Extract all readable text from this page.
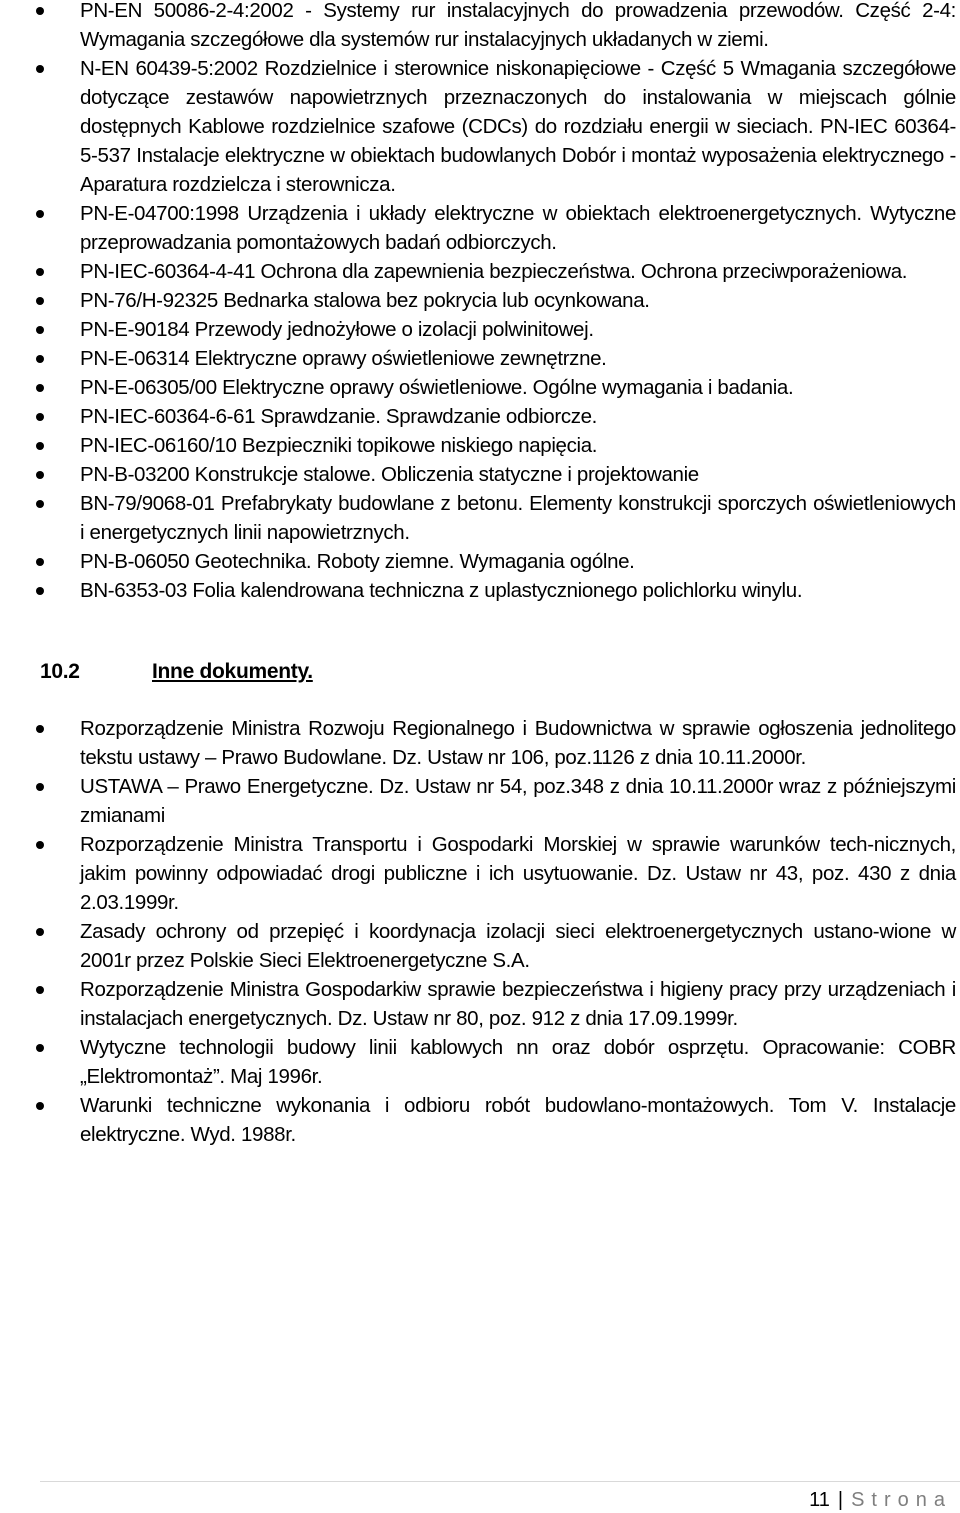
PN-EN 50086-2-4:2002 - Systemy rur instalacyjnych do prowadzenia przewodów. Część 2-4: Wymagania szczegółowe dla systemów rur instalacyjnych układanych w ziemi.
N-EN 60439-5:2002 Rozdzielnice i sterownice niskonapięciowe - Część 5 Wmagania szczegółowe dotyczące zestawów napowietrznych przeznaczonych do instalowania w miejscach gólnie dostępnych Kablowe rozdzielnice szafowe (CDCs) do rozdziału energii w sieciach. PN-IEC 60364-5-537 Instalacje elektryczne w obiektach budowlanych Dobór i montaż wyposażenia elektrycznego - Aparatura rozdzielcza i sterownicza.
PN-E-04700:1998 Urządzenia i układy elektryczne w obiektach elektroenergetycznych. Wytyczne przeprowadzania pomontażowych badań odbiorczych.
PN-IEC-60364-4-41 Ochrona dla zapewnienia bezpieczeństwa. Ochrona przeciwporażeniowa.
PN-76/H-92325 Bednarka stalowa bez pokrycia lub ocynkowana.
PN-E-90184 Przewody jednożyłowe o izolacji polwinitowej.
PN-E-06314 Elektryczne oprawy oświetleniowe zewnętrzne.
PN-E-06305/00 Elektryczne oprawy oświetleniowe. Ogólne wymagania i badania.
PN-IEC-60364-6-61 Sprawdzanie. Sprawdzanie odbiorcze.
PN-IEC-06160/10 Bezpieczniki topikowe niskiego napięcia.
PN-B-03200 Konstrukcje stalowe. Obliczenia statyczne i projektowanie
BN-79/9068-01 Prefabrykaty budowlane z betonu. Elementy konstrukcji sporczych oświetleniowych i energetycznych linii napowietrznych.
PN-B-06050 Geotechnika. Roboty ziemne. Wymagania ogólne.
BN-6353-03 Folia kalendrowana techniczna z uplastycznionego polichlorku winylu.
10.2	Inne dokumenty.
Rozporządzenie Ministra Rozwoju Regionalnego i Budownictwa w sprawie ogłoszenia jednolitego tekstu ustawy – Prawo Budowlane. Dz. Ustaw nr 106, poz.1126 z dnia 10.11.2000r.
USTAWA – Prawo Energetyczne. Dz. Ustaw nr 54, poz.348 z dnia 10.11.2000r wraz z późniejszymi zmianami
Rozporządzenie Ministra Transportu i Gospodarki Morskiej w sprawie warunków tech-nicznych, jakim powinny odpowiadać drogi publiczne i ich usytuowanie. Dz. Ustaw nr 43, poz. 430 z dnia 2.03.1999r.
Zasady ochrony od przepięć i koordynacja izolacji sieci elektroenergetycznych ustano-wione w 2001r przez Polskie Sieci Elektroenergetyczne S.A.
Rozporządzenie Ministra Gospodarkiw sprawie bezpieczeństwa i higieny pracy przy urządzeniach i instalacjach energetycznych. Dz. Ustaw nr 80, poz. 912 z dnia 17.09.1999r.
Wytyczne technologii budowy linii kablowych nn oraz dobór osprzętu. Opracowanie: COBR „Elektromontaż”. Maj 1996r.
Warunki techniczne wykonania i odbioru robót budowlano-montażowych. Tom V. Instalacje elektryczne. Wyd. 1988r.
11 | Strona
